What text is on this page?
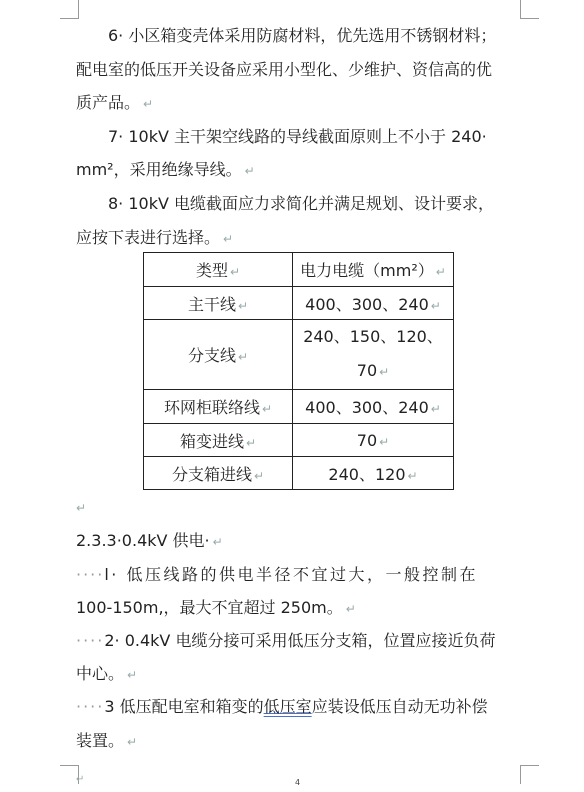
6· 小区箱变壳体采用防腐材料，优先选用不锈钢材料；
配电室的低压开关设备应采用小型化、少维护、资信高的优
质产品。 ↵
7· 10kV 主干架空线路的导线截面原则上不小于 240·
mm²，采用绝缘导线。 ↵
8· 10kV 电缆截面应力求简化并满足规划、设计要求，
应按下表进行选择。 ↵
类型 ↵	电力电缆（mm²） ↵
主干线 ↵	400、300、240 ↵
分支线 ↵	240、150、120、
70 ↵
环网柜联络线 ↵	400、300、240 ↵
箱变进线 ↵	70 ↵
分支箱进线 ↵	240、120 ↵
↵
2.3.3·0.4kV 供电· ↵
····l· 低压线路的供电半径不宜过大，一般控制在
100-150m,，最大不宜超过 250m。 ↵
····2· 0.4kV 电缆分接可采用低压分支箱，位置应接近负荷
中心。 ↵
····3 低压配电室和箱变的低压室应装设低压自动无功补偿
装置。 ↵
↵	4
